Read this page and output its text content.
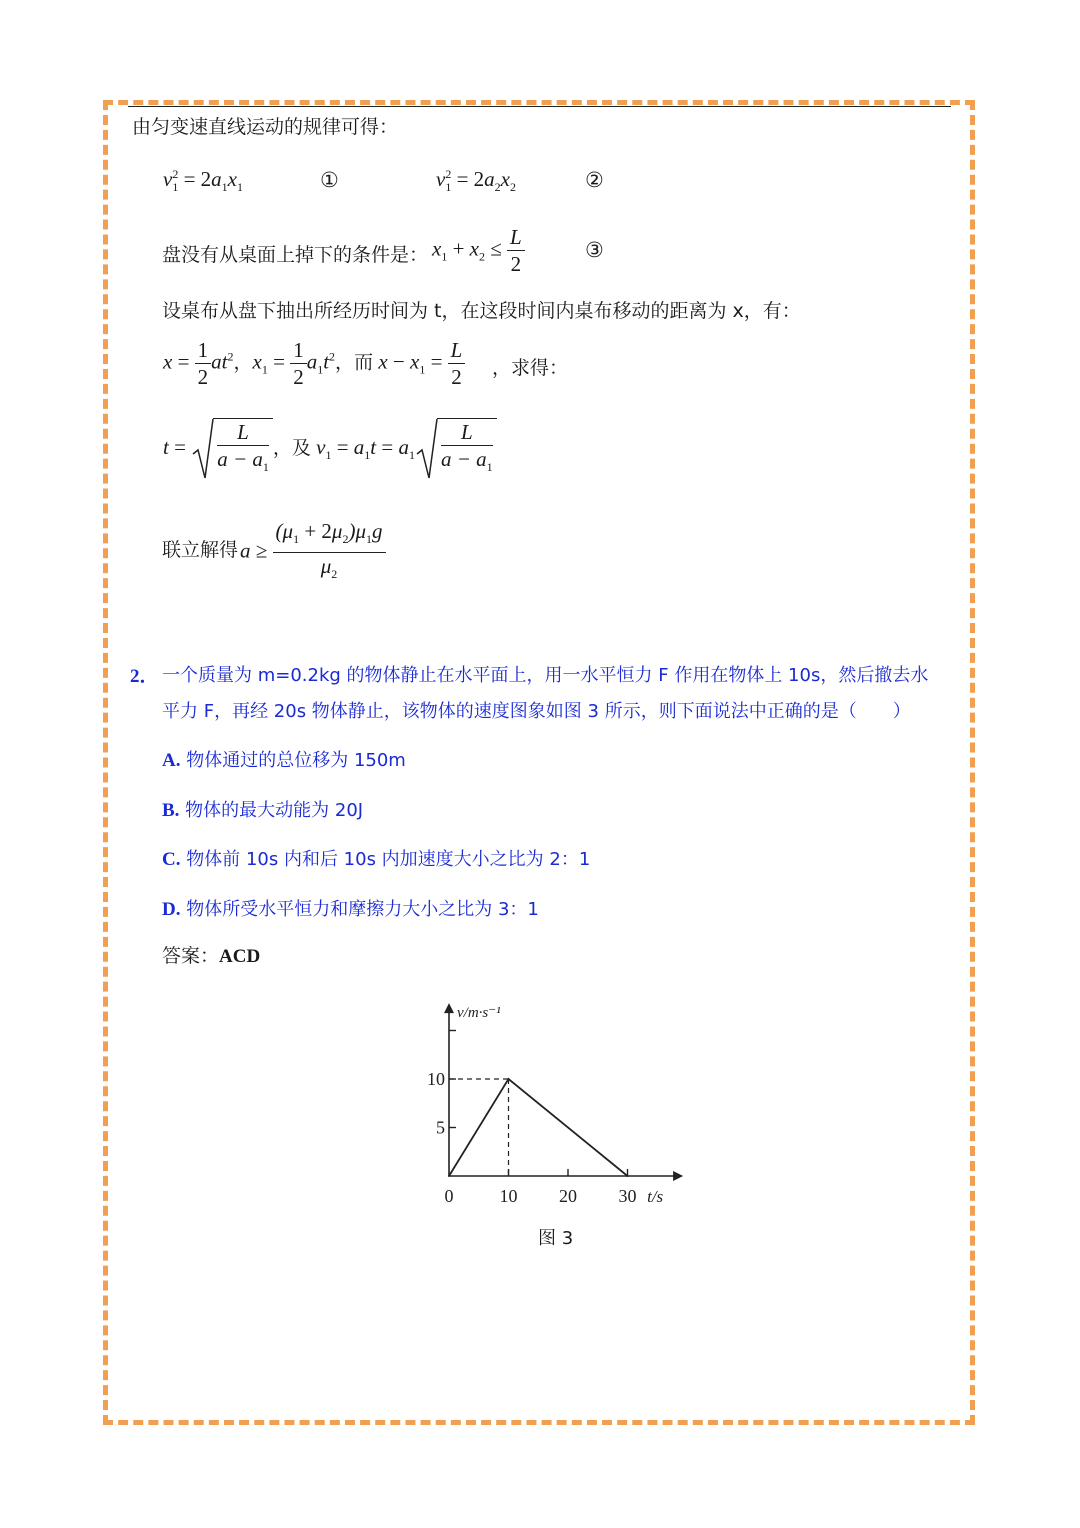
由匀变速直线运动的规律可得：
$v_1^2 = 2a_1x_1$	①	$v_1^2 = 2a_2x_2$	②
盘没有从桌面上掉下的条件是： $x_1 + x_2 \le \frac{L}{2}$	③
设桌布从盘下抽出所经历时间为 t，在这段时间内桌布移动的距离为 x，有：
$x = \frac{1}{2} at^2$，$x_1 = \frac{1}{2} a_1t^2$，而 $x - x_1 = \frac{L}{2}$ ，求得：
$t = \frac{L}{a - a_1}$ ，及 $v_1 = a_1t = a_1 \frac{L}{a - a_1}$
联立解得 $a \ge \frac{(\mu_1 + 2\mu_2)\mu_1g}{\mu_2}$
2． 一个质量为 m=0.2kg 的物体静止在水平面上，用一水平恒力 F 作用在物体上 10s，然后撤去水
平力 F，再经 20s 物体静止，该物体的速度图象如图 3 所示，则下面说法中正确的是（　　）
A. 物体通过的总位移为 150m
B. 物体的最大动能为 20J
C. 物体前 10s 内和后 10s 内加速度大小之比为 2：1
D. 物体所受水平恒力和摩擦力大小之比为 3：1
答案：ACD
5
10
0	10 20 30
v/m·s⁻¹
t/s
图 3
